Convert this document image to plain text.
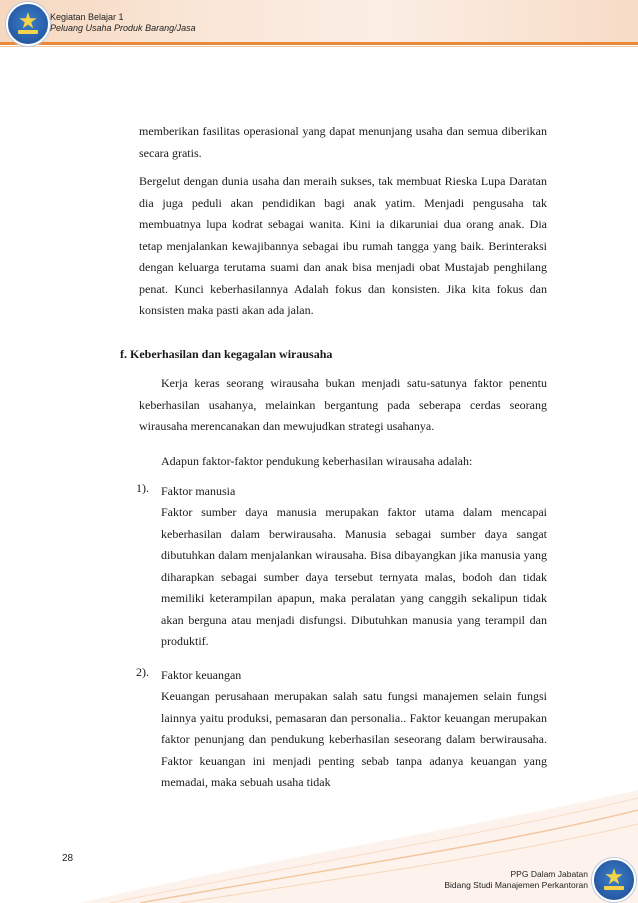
Kegiatan Belajar 1
Peluang Usaha Produk Barang/Jasa
memberikan fasilitas operasional yang dapat menunjang usaha dan semua diberikan secara gratis.
Bergelut dengan dunia usaha dan meraih sukses, tak membuat Rieska Lupa Daratan dia juga peduli akan pendidikan bagi anak yatim. Menjadi pengusaha tak membuatnya lupa kodrat sebagai wanita. Kini ia dikaruniai dua orang anak. Dia tetap menjalankan kewajibannya sebagai ibu rumah tangga yang baik. Berinteraksi dengan keluarga terutama suami dan anak bisa menjadi obat Mustajab penghilang penat. Kunci keberhasilannya Adalah fokus dan konsisten. Jika kita fokus dan konsisten maka pasti akan ada jalan.
f. Keberhasilan dan kegagalan wirausaha
Kerja keras seorang wirausaha bukan menjadi satu-satunya faktor penentu keberhasilan usahanya, melainkan bergantung pada seberapa cerdas seorang wirausaha merencanakan dan mewujudkan strategi usahanya.
Adapun faktor-faktor pendukung keberhasilan wirausaha adalah:
1). Faktor manusia
Faktor sumber daya manusia merupakan faktor utama dalam mencapai keberhasilan dalam berwirausaha. Manusia sebagai sumber daya sangat dibutuhkan dalam menjalankan wirausaha. Bisa dibayangkan jika manusia yang diharapkan sebagai sumber daya tersebut ternyata malas, bodoh dan tidak memiliki keterampilan apapun, maka peralatan yang canggih sekalipun tidak akan berguna atau menjadi disfungsi. Dibutuhkan manusia yang terampil dan produktif.
2). Faktor keuangan
Keuangan perusahaan merupakan salah satu fungsi manajemen selain fungsi lainnya yaitu produksi, pemasaran dan personalia.. Faktor keuangan merupakan faktor penunjang dan pendukung keberhasilan seseorang dalam berwirausaha. Faktor keuangan ini menjadi penting sebab tanpa adanya keuangan yang memadai, maka sebuah usaha tidak
28
PPG Dalam Jabatan
Bidang Studi Manajemen Perkantoran
